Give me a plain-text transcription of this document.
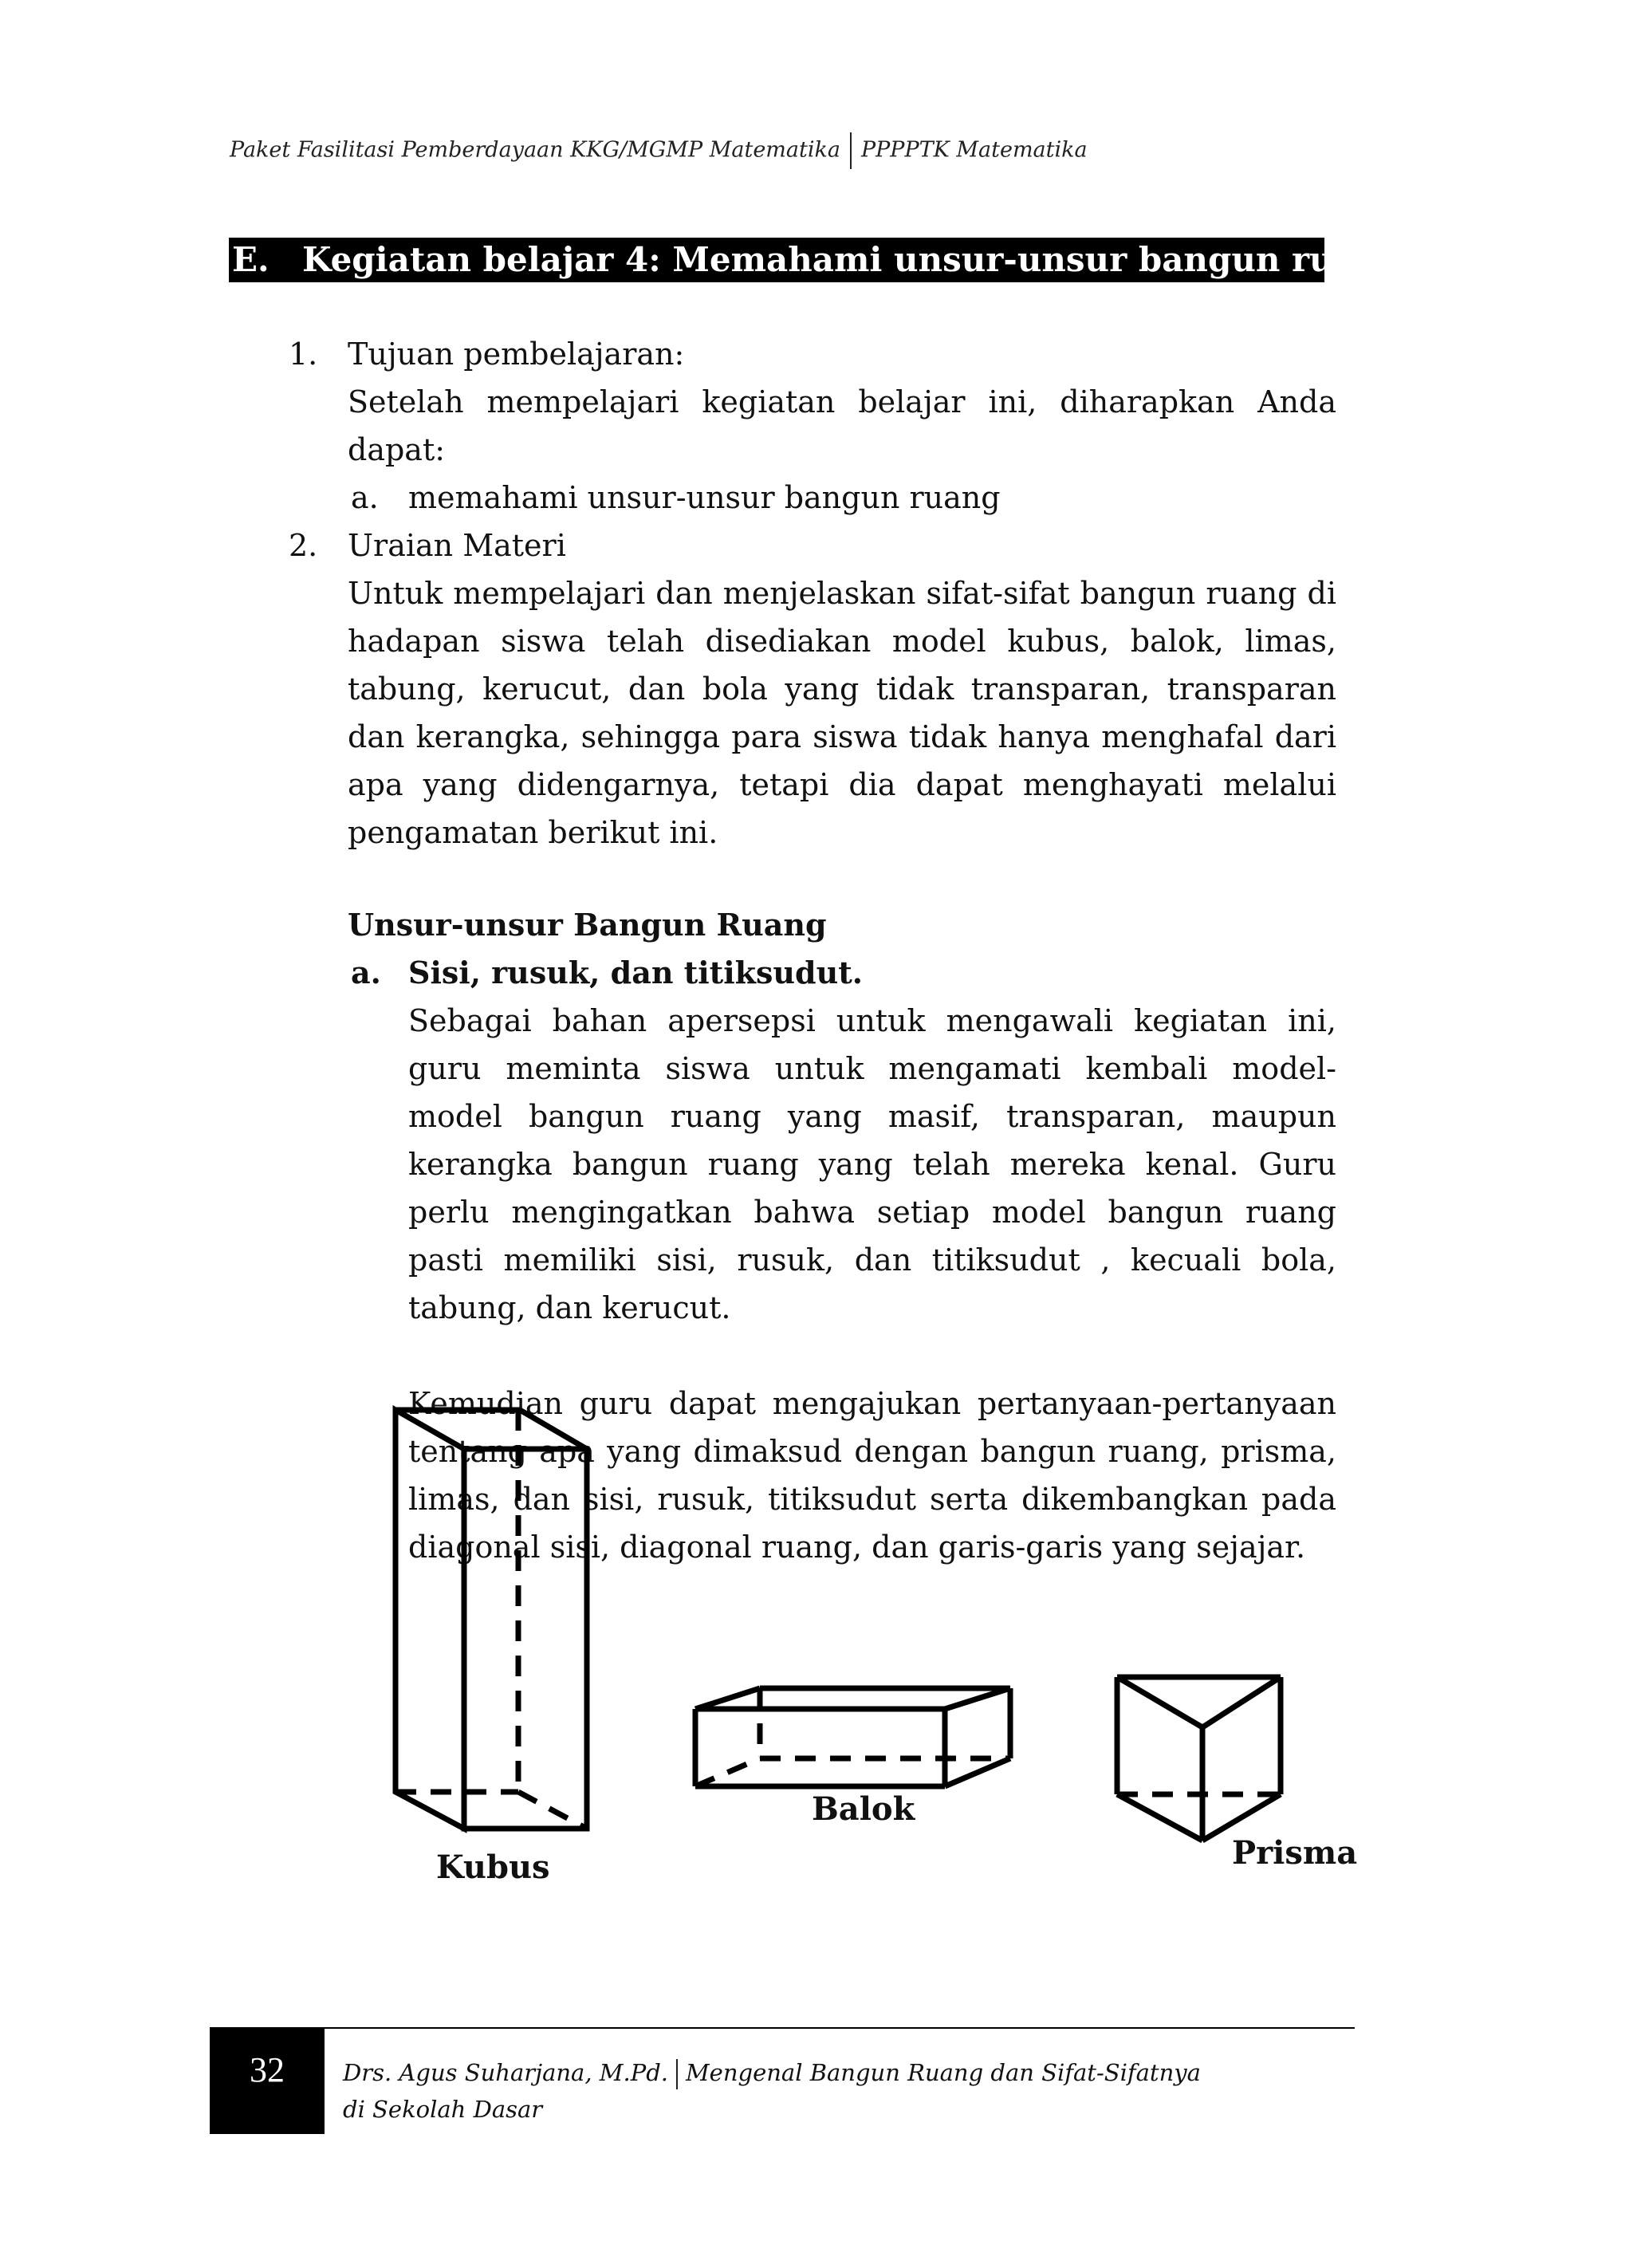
Paket Fasilitasi Pemberdayaan KKG/MGMP Matematika PPPPTK Matematika
E. Kegiatan belajar 4: Memahami unsur-unsur bangun ruang
1. Tujuan pembelajaran:
Setelah mempelajari kegiatan belajar ini, diharapkan Anda dapat:
a. memahami unsur-unsur bangun ruang
2. Uraian Materi
Untuk mempelajari dan menjelaskan sifat-sifat bangun ruang di hadapan siswa telah disediakan model kubus, balok, limas, tabung, kerucut, dan bola yang tidak transparan, transparan dan kerangka, sehingga para siswa tidak hanya menghafal dari apa yang didengarnya, tetapi dia dapat menghayati melalui pengamatan berikut ini.
Unsur-unsur Bangun Ruang
a. Sisi, rusuk, dan titiksudut.
Sebagai bahan apersepsi untuk mengawali kegiatan ini, guru meminta siswa untuk mengamati kembali model-model bangun ruang yang masif, transparan, maupun kerangka bangun ruang yang telah mereka kenal. Guru perlu mengingatkan bahwa setiap model bangun ruang pasti memiliki sisi, rusuk, dan titiksudut , kecuali bola, tabung, dan kerucut.
Kemudian guru dapat mengajukan pertanyaan-pertanyaan tentang apa yang dimaksud dengan bangun ruang, prisma, limas, dan sisi, rusuk, titiksudut serta dikembangkan pada diagonal sisi, diagonal ruang, dan garis-garis yang sejajar.
Kubus
Balok
Prisma
32	Drs. Agus Suharjana, M.Pd. Mengenal Bangun Ruang dan Sifat-Sifatnya
di Sekolah Dasar
